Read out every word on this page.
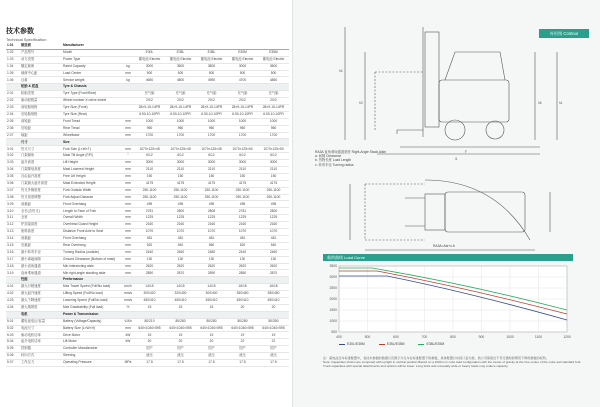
技术参数
Technical Specification
1.01	制造商	Manufacturer						
1.02	产品型号	Model		E30L	E35L	E38L	E30M	E35M
1.03	动力类型	Power Type		蓄电池 Electric	蓄电池 Electric	蓄电池 Electric	蓄电池 Electric	蓄电池 Electric
1.04	额定载荷	Rated Capacity	kg	3000	3500	3800	3000	3500
1.05	载荷中心距	Load Center	mm	500	500	500	500	500
1.06	自重	Service weight	kg	4650	4800	4950	4700	4850
	轮胎 & 底盘	Tyre & Chassis						
2.01	轮胎类型	Tyre Type (Front/Rear)		充气胎	充气胎	充气胎	充气胎	充气胎
2.02	驱动轮数量	Wheel number X=drive wheel		2X/2	2X/2	2X/2	2X/2	2X/2
2.03	前轮胎规格	Tyre Size (Front)		28×9-15-14PR	28×9-15-14PR	28×9-15-14PR	28×9-15-14PR	28×9-15-14PR
2.04	后轮胎规格	Tyre Size (Rear)		6.50-10-10PR	6.50-10-10PR	6.50-10-10PR	6.50-10-10PR	6.50-10-10PR
2.05	前轮距	Front Tread	mm	1000	1000	1000	1000	1000
2.06	后轮距	Rear Tread	mm	960	960	960	960	960
2.07	轴距	Wheelbase	mm	1700	1700	1700	1700	1700
	尺寸	Size						
3.01	货叉尺寸	Fork Size (L×W×T)	mm	1070×125×45	1070×125×45	1070×125×45	1070×125×50	1070×125×50
3.02	门架倾角	Mast Tilt Angle (F/R)	°	6/12	6/12	6/12	6/12	6/12
3.03	起升高度	Lift Height	mm	3000	3000	3000	3000	3000
3.04	门架降低高度	Mast Lowered Height	mm	2110	2110	2110	2110	2110
3.05	自由起升高度	Free Lift Height	mm	150	150	150	150	150
3.06	门架最大起升高度	Mast Extended Height	mm	4175	4175	4175	4175	4175
3.07	货叉外侧宽度	Fork Outside Width	mm	250-1100	250-1100	250-1100	250-1100	250-1100
3.08	货叉宽度调整	Fork Adjust Distance	mm	250-1100	250-1100	250-1100	250-1100	250-1100
3.09	前悬距	Front Overhang	mm	495	495	495	495	495
3.10	全长(含货叉)	Length to Face of Fork	mm	2781	2800	2808	2781	2800
3.11	全宽	Overall Width	mm	1225	1225	1225	1225	1225
3.12	护顶架高度	Overhead Guard Height	mm	2160	2160	2160	2160	2160
3.13	座椅高度	Distance Front Axle to Seat	mm	1070	1070	1070	1070	1070
3.14	前悬距	Front Overhang	mm	481	481	481	481	481
3.15	后悬距	Rear Overhang	mm	520	540	560	520	540
3.16	最小转弯半径	Turning Radius (outside)	mm	2440	2460	2480	2440	2460
3.17	最小离地间隙	Ground Clearance (Bottom of mast)	mm	130	130	130	130	130
3.18	最小直角通道	Min intersecting aisle	mm	2620	2620	2620	2620	2620
3.19	直角堆垛通道	Min right-angle stacking aisle	mm	2850	2870	2890	2850	2870
	性能	Performance						
4.01	最大行驶速度	Max Travel Speed (Full/No load)	km/h	14/15	14/15	14/15	16/18	16/18
4.02	最大起升速度	Lifting Speed (Full/No load)	mm/s	300/420	320/400	300/400	350/450	350/450
4.03	最大下降速度	Lowering Speed (Full/No load)	mm/s	450/410	450/410	450/410	450/410	450/410
4.04	最大爬坡度	Max Gradeability (Full load)	%	15	15	15	20	20
	电机	Power & Transmission						
5.01	蓄电池电压/容量	Battery (Voltage/Capacity)	V/Ah	80/210	80/280	80/280	80/280	80/350
5.02	电池尺寸	Battery Size (L×W×H)	mm	640×1040×595	640×1040×595	640×1040×595	640×1040×595	640×1040×595
5.03	驱动电机功率	Drive Motor	kW	15	15	15	19	19
5.04	起升电机功率	Lift Motor	kW	20	20	20	22	22
5.05	控制器	Controller Manufacturer		国产	国产	国产	国产	国产
5.06	转向方式	Steering		液压	液压	液压	液压	液压
5.07	工作压力	Operating Pressure	MPa	17.5	17.5	17.5	17.5	17.5
外形图 Contour
h4
h3	h6	h1
y
l1
RA3A 直角堆垛通道宽度 Right-Angle Stack Aisle
a. 间隙 Clearance
b. 货物长度 Load Length
c. 转弯半径 Turning radius
RA3A=Ast+c-b
载荷曲线 Load Curve
3500
3000
2500
2000
1500
1000
500
400	500	600	700	800	900	1000	1100	1200
E30L/E35M	E35L/E35M	E38L/E35M
注：蓄电池叉车标准配置中，各技术参数的数据以及图示为叉车在标准配置下的参数，具体配置以实际订货为准，我公司保留在不另行通知的情况下修改参数的权利。
Note: Capacities shown are computed with upright in vertical position.Based on a 1000 mm cube load configuration with the center of gravity at the true center of the cube and standard fork. Truck capacities with special attachments and options will be lower. Long forks and unusually wide or heavy loads may reduce capacity.
